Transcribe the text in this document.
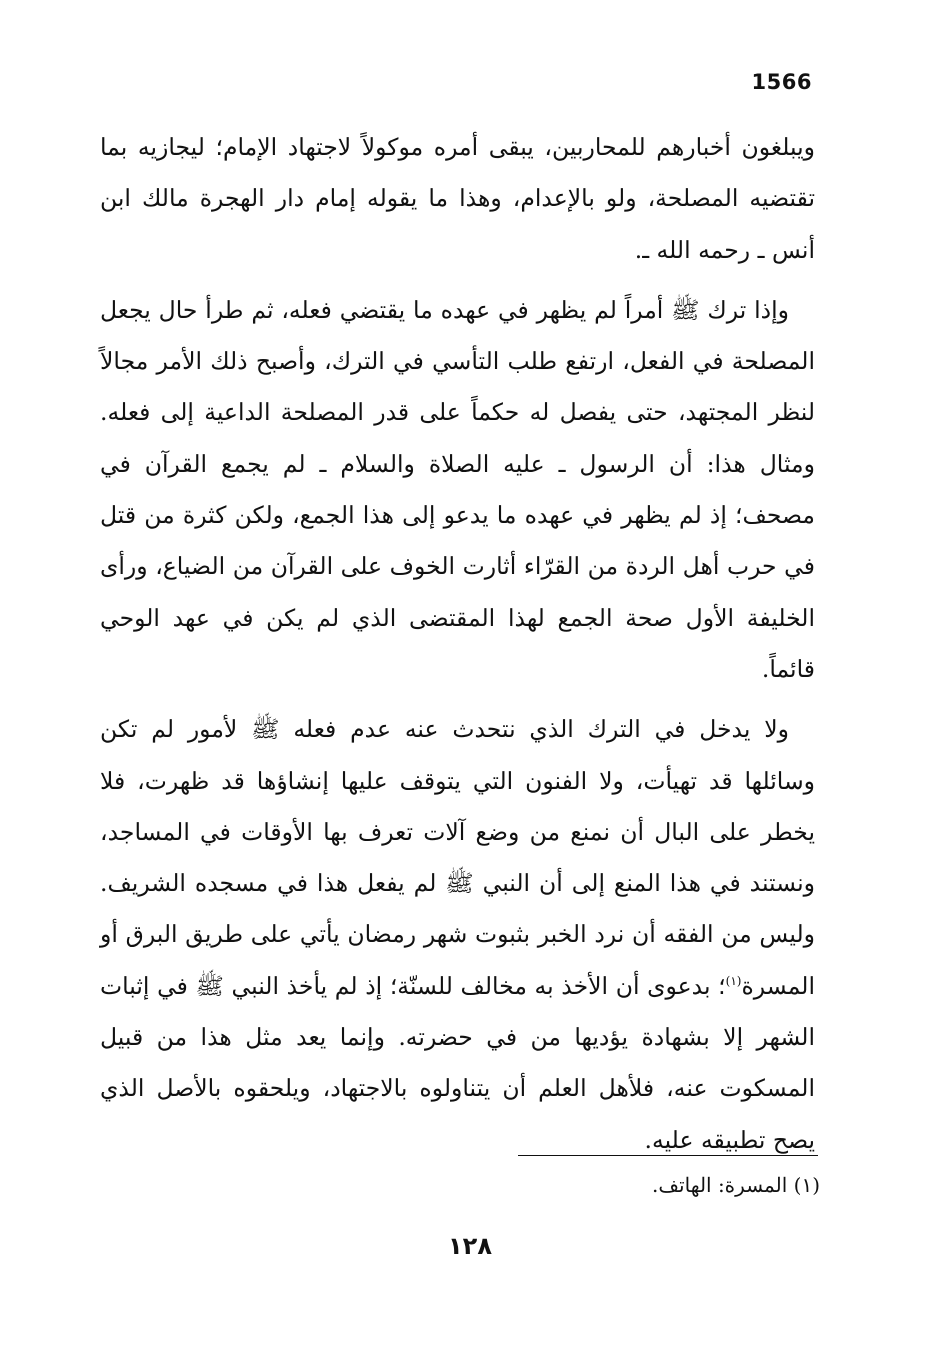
1566

ويبلغون أخبارهم للمحاربين، يبقى أمره موكولاً لاجتهاد الإمام؛ ليجازيه بما تقتضيه المصلحة، ولو بالإعدام، وهذا ما يقوله إمام دار الهجرة مالك ابن أنس ـ رحمه الله ـ.

وإذا ترك ﷺ أمراً لم يظهر في عهده ما يقتضي فعله، ثم طرأ حال يجعل المصلحة في الفعل، ارتفع طلب التأسي في الترك، وأصبح ذلك الأمر مجالاً لنظر المجتهد، حتى يفصل له حكماً على قدر المصلحة الداعية إلى فعله. ومثال هذا: أن الرسول ـ عليه الصلاة والسلام ـ لم يجمع القرآن في مصحف؛ إذ لم يظهر في عهده ما يدعو إلى هذا الجمع، ولكن كثرة من قتل في حرب أهل الردة من القرّاء أثارت الخوف على القرآن من الضياع، ورأى الخليفة الأول صحة الجمع لهذا المقتضى الذي لم يكن في عهد الوحي قائماً.

ولا يدخل في الترك الذي نتحدث عنه عدم فعله ﷺ لأمور لم تكن وسائلها قد تهيأت، ولا الفنون التي يتوقف عليها إنشاؤها قد ظهرت، فلا يخطر على البال أن نمنع من وضع آلات تعرف بها الأوقات في المساجد، ونستند في هذا المنع إلى أن النبي ﷺ لم يفعل هذا في مسجده الشريف. وليس من الفقه أن نرد الخبر بثبوت شهر رمضان يأتي على طريق البرق أو المسرة$^{(١)}$؛ بدعوى أن الأخذ به مخالف للسنّة؛ إذ لم يأخذ النبي ﷺ في إثبات الشهر إلا بشهادة يؤديها من في حضرته. وإنما يعد مثل هذا من قبيل المسكوت عنه، فلأهل العلم أن يتناولوه بالاجتهاد، ويلحقوه بالأصل الذي يصح تطبيقه عليه.

(١) المسرة: الهاتف.
١٢٨
